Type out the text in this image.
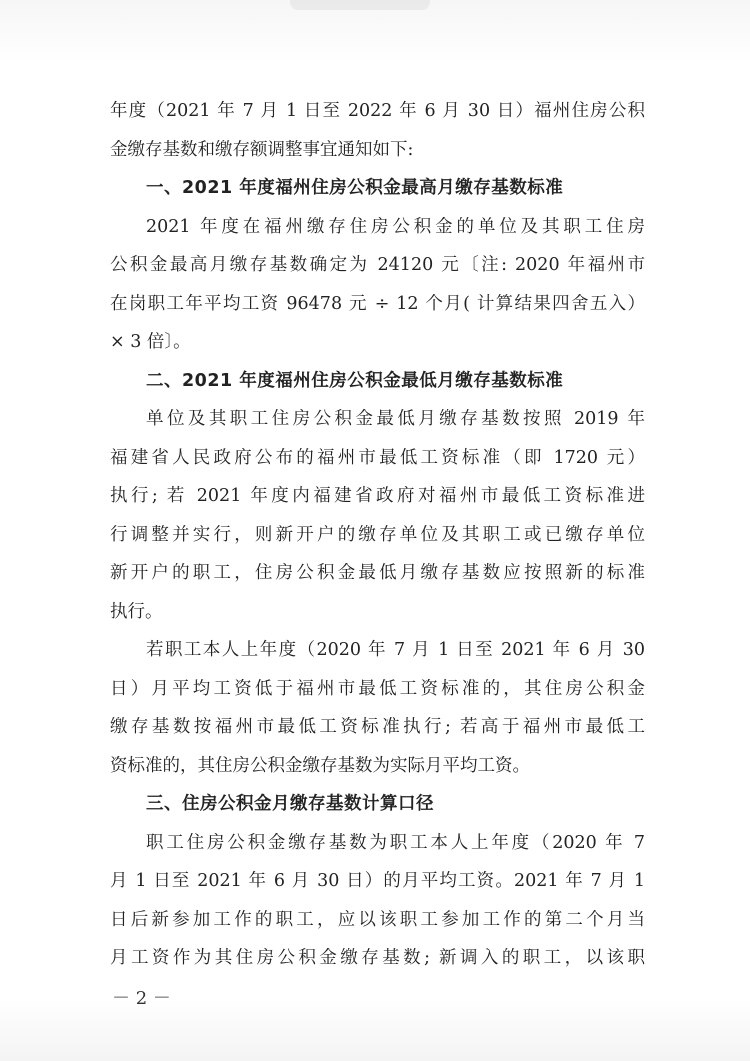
年度（2021 年 7 月 1 日至 2022 年 6 月 30 日）福州住房公积
金缴存基数和缴存额调整事宜通知如下:
一、2021 年度福州住房公积金最高月缴存基数标准
2021 年度在福州缴存住房公积金的单位及其职工住房
公积金最高月缴存基数确定为 24120 元〔注: 2020 年福州市
在岗职工年平均工资 96478 元 ÷ 12 个月( 计算结果四舍五入）
× 3 倍〕。
二、2021 年度福州住房公积金最低月缴存基数标准
单位及其职工住房公积金最低月缴存基数按照 2019 年
福建省人民政府公布的福州市最低工资标准（即 1720 元）
执行; 若 2021 年度内福建省政府对福州市最低工资标准进
行调整并实行，则新开户的缴存单位及其职工或已缴存单位
新开户的职工，住房公积金最低月缴存基数应按照新的标准
执行。
若职工本人上年度（2020 年 7 月 1 日至 2021 年 6 月 30
日）月平均工资低于福州市最低工资标准的，其住房公积金
缴存基数按福州市最低工资标准执行; 若高于福州市最低工
资标准的，其住房公积金缴存基数为实际月平均工资。
三、住房公积金月缴存基数计算口径
职工住房公积金缴存基数为职工本人上年度（2020 年 7
月 1 日至 2021 年 6 月 30 日）的月平均工资。2021 年 7 月 1
日后新参加工作的职工，应以该职工参加工作的第二个月当
月工资作为其住房公积金缴存基数; 新调入的职工，以该职
－ 2 －
